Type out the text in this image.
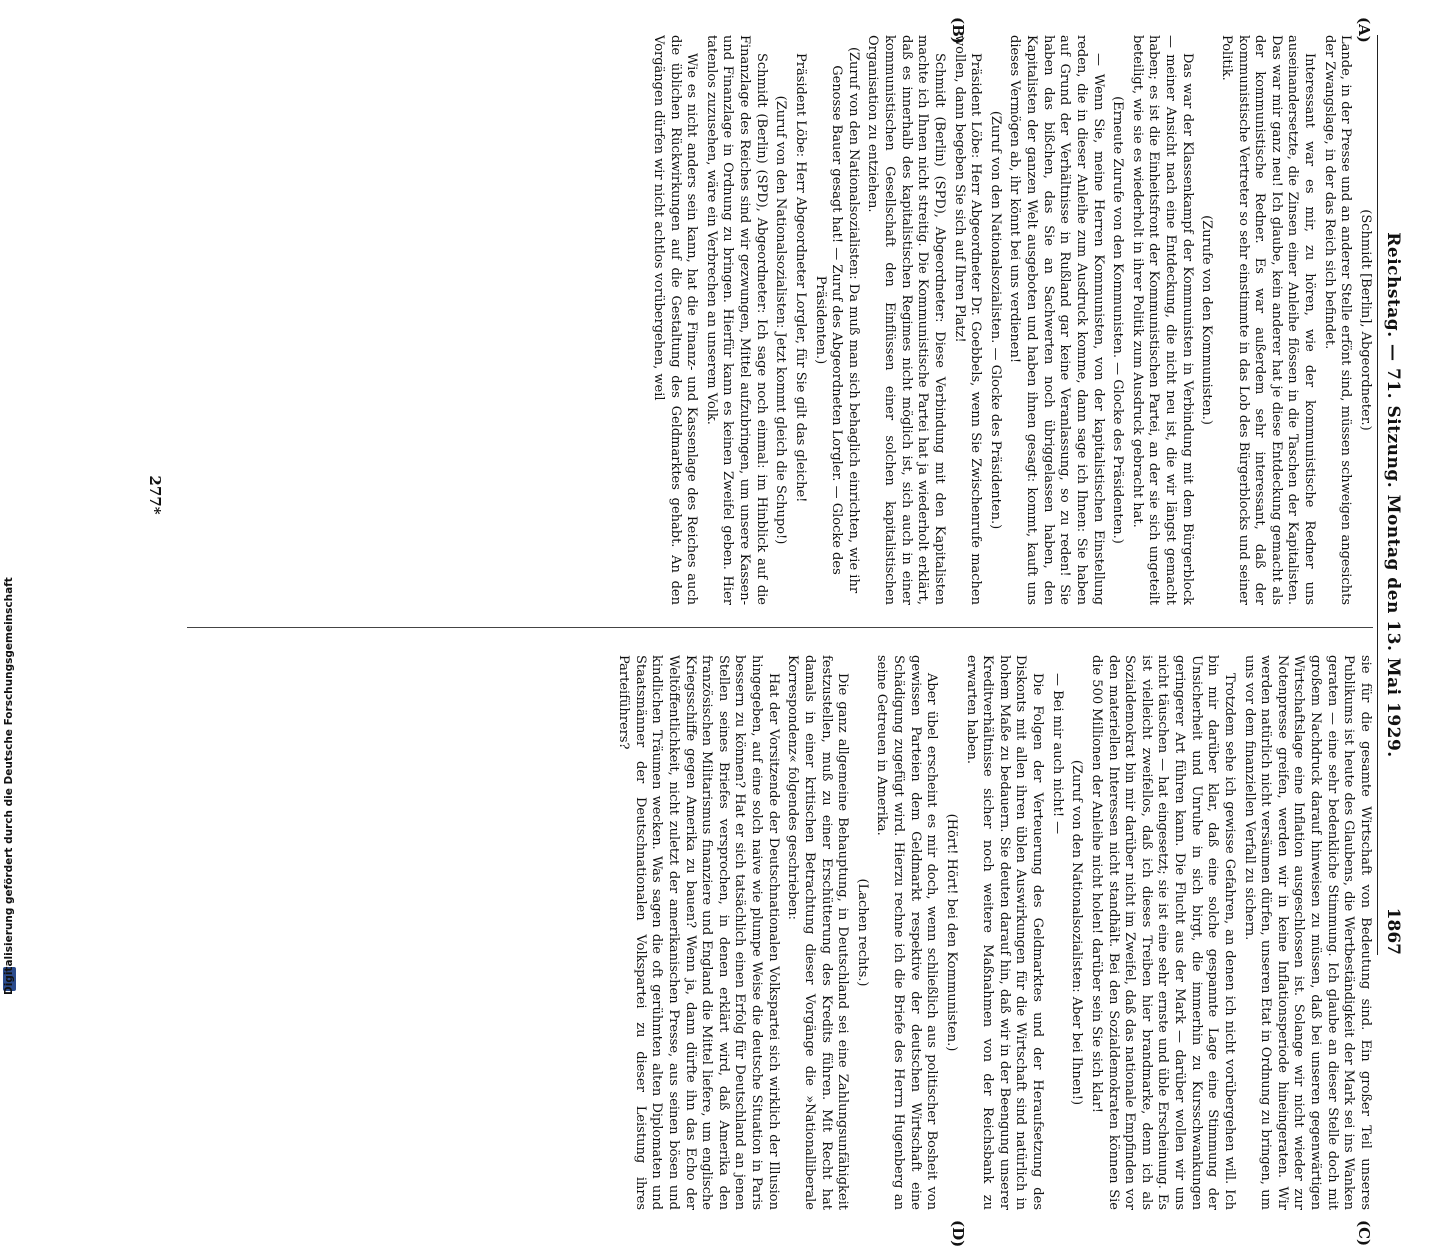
Digitalisierung gefördert durch die Deutsche Forschungsgemeinschaft
Reichstag. — 71. Sitzung. Montag den 13. Mai 1929.
1867
(A)
(B)
(C)
(D)

(Schmidt [Berlin], Abgeordneter.)

Lande, in der Presse und an anderer Stelle erfönt sind, müssen schweigen angesichts der Zwangslage, in der das Reich sich befindet.

Interessant war es mir, zu hören, wie der kommunistische Redner uns auseinandersetzte, die Zinsen einer Anleihe flössen in die Taschen der Kapitalisten. Das war mir ganz neu! Ich glaube, kein anderer hat je diese Entdeckung gemacht als der kommunistische Redner. Es war außerdem sehr interessant, daß der kommunistische Vertreter so sehr einstimmte in das Lob des Bürgerblocks und seiner Politik.

(Zurufe von den Kommunisten.)

Das war der Klassenkampf der Kommunisten in Verbindung mit dem Bürgerblock — meiner Ansicht nach eine Entdeckung, die nicht neu ist, die wir längst gemacht haben; es ist die Einheitsfront der Kommunistischen Partei, an der sie sich ungeteilt beteiligt, wie sie es wiederholt in ihrer Politik zum Ausdruck gebracht hat.

(Erneute Zurufe von den Kommunisten. — Glocke des Präsidenten.)

— Wenn Sie, meine Herren Kommunisten, von der kapitalistischen Einstellung reden, die in dieser Anleihe zum Ausdruck komme, dann sage ich Ihnen: Sie haben auf Grund der Verhältnisse in Rußland gar keine Veranlassung, so zu reden! Sie haben das bißchen, das Sie an Sachwerten noch übriggelassen haben, den Kapitalisten der ganzen Welt ausgeboten und haben ihnen gesagt: kommt, kauft uns dieses Vermögen ab, ihr könnt bei uns verdienen!

(Zuruf von den Nationalsozialisten. — Glocke des Präsidenten.)

Präsident Löbe: Herr Abgeordneter Dr. Goebbels, wenn Sie Zwischenrufe machen wollen, dann begeben Sie sich auf Ihren Platz!

Schmidt (Berlin) (SPD), Abgeordneter: Diese Verbindung mit den Kapitalisten machte ich Ihnen nicht streitig. Die Kommunistische Partei hat ja wiederholt erklärt, daß es innerhalb des kapitalistischen Regimes nicht möglich ist, sich auch in einer kommunistischen Gesellschaft den Einflüssen einer solchen kapitalistischen Organisation zu entziehen.

(Zuruf von den Nationalsozialisten: Da muß man sich behaglich einrichten, wie ihr Genosse Bauer gesagt hat! — Zuruf des Abgeordneten Lorgler. — Glocke des Präsidenten.)

Präsident Löbe: Herr Abgeordneter Lorgler, für Sie gilt das gleiche!

(Zuruf von den Nationalsozialisten: Jetzt kommt gleich die Schupo!)

Schmidt (Berlin) (SPD), Abgeordneter: Ich sage noch einmal: im Hinblick auf die Finanzlage des Reiches sind wir gezwungen, Mittel aufzubringen, um unsere Kassen- und Finanzlage in Ordnung zu bringen. Hierfür kann es keinen Zweifel geben. Hier tatenlos zuzusehen, wäre ein Verbrechen an unserem Volk.

Wie es nicht anders sein kann, hat die Finanz- und Kassenlage des Reiches auch die üblichen Rückwirkungen auf die Gestaltung des Geldmarktes gehabt. An den Vorgängen dürfen wir nicht achtlos vorübergehen, weil

sie für die gesamte Wirtschaft von Bedeutung sind. Ein großer Teil unseres Publikums ist heute des Glaubens, die Wertbeständigkeit der Mark sei ins Wanken geraten — eine sehr bedenkliche Stimmung. Ich glaube an dieser Stelle doch mit großem Nachdruck darauf hinweisen zu müssen, daß bei unseren gegenwärtigen Wirtschaftslage eine Inflation ausgeschlossen ist. Solange wir nicht wieder zur Notenpresse greifen, werden wir in keine Inflationsperiode hineingeraten. Wir werden natürlich nicht versäumen dürfen, unseren Etat in Ordnung zu bringen, um uns vor dem finanziellen Verfall zu sichern.

Trotzdem sehe ich gewisse Gefahren, an denen ich nicht vorübergehen will. Ich bin mir darüber klar, daß eine solche gespannte Lage eine Stimmung der Unsicherheit und Unruhe in sich birgt, die immerhin zu Kursschwankungen geringerer Art führen kann. Die Flucht aus der Mark — darüber wollen wir uns nicht täuschen — hat eingesetzt; sie ist eine sehr ernste und üble Erscheinung. Es ist vielleicht zweifellos, daß ich dieses Treiben hier brandmarke, denn ich als Sozialdemokrat bin mir darüber nicht im Zweifel, daß das nationale Empfinden vor den materiellen Interessen nicht standhält. Bei den Sozialdemokraten können Sie die 500 Millionen der Anleihe nicht holen! darüber sein Sie sich klar!

(Zuruf von den Nationalsozialisten: Aber bei Ihnen!)

— Bei mir auch nicht! —

Die Folgen der Verteuerung des Geldmarktes und der Heraufsetzung des Diskonts mit allen ihren üblen Auswirkungen für die Wirtschaft sind natürlich in hohem Maße zu bedauern. Sie deuten darauf hin, daß wir in der Beengung unserer Kreditverhältnisse sicher noch weitere Maßnahmen von der Reichsbank zu erwarten haben.

(Hört! Hört! bei den Kommunisten.)

Aber übel erscheint es mir doch, wenn schließlich aus politischer Bosheit von gewissen Parteien dem Geldmarkt respektive der deutschen Wirtschaft eine Schädigung zugefügt wird. Hierzu rechne ich die Briefe des Herrn Hugenberg an seine Getreuen in Amerika.

(Lachen rechts.)

Die ganz allgemeine Behauptung, in Deutschland sei eine Zahlungsunfähigkeit festzustellen, muß zu einer Erschütterung des Kredits führen. Mit Recht hat damals in einer kritischen Betrachtung dieser Vorgänge die »Nationalliberale Korrespondenz« folgendes geschrieben:

Hat der Vorsitzende der Deutschnationalen Volkspartei sich wirklich der Illusion hingegeben, auf eine solch naive wie plumpe Weise die deutsche Situation in Paris bessern zu können? Hat er sich tatsächlich einen Erfolg für Deutschland an jenen Stellen seines Briefes versprochen, in denen erklärt wird, daß Amerika den französischen Militarismus finanziere und England die Mittel liefere, um englische Kriegsschiffe gegen Amerika zu bauen? Wenn ja, dann dürfte ihn das Echo der Weltöffentlichkeit, nicht zuletzt der amerikanischen Presse, aus seinen bösen und kindlichen Träumen wecken. Was sagen die oft gerühmten alten Diplomaten und Staatsmänner der Deutschnationalen Volkspartei zu dieser Leistung ihres Parteiführers?

277*
